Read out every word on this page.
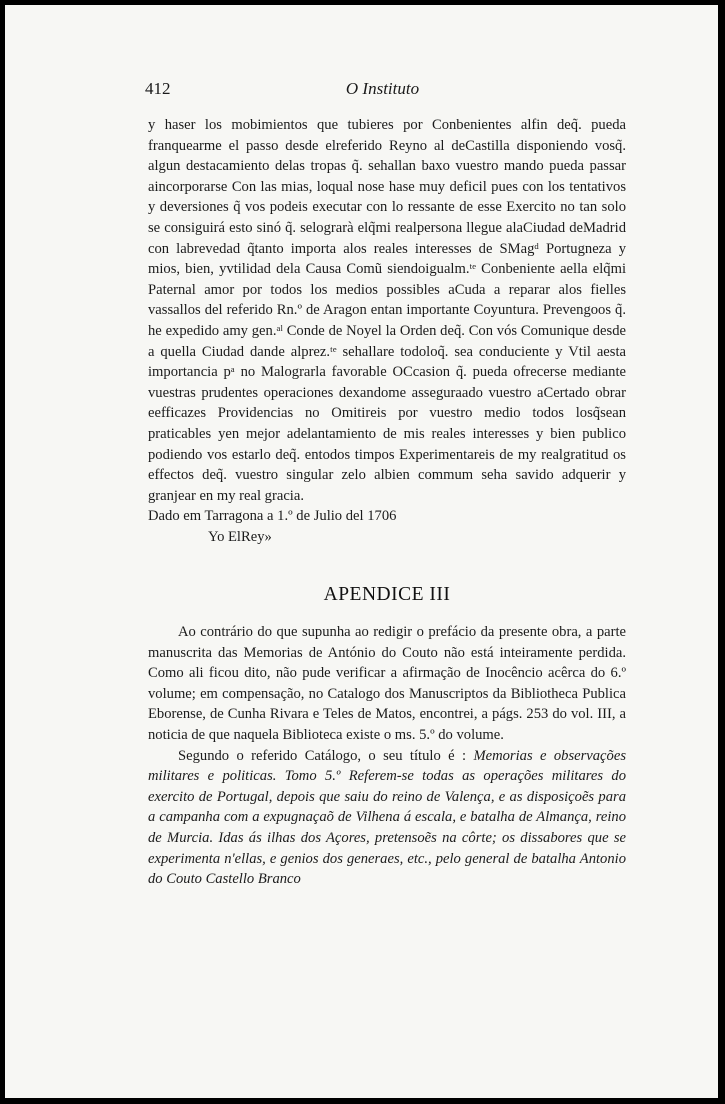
412	O Instituto

y haser los mobimientos que tubieres por Conbenientes alfin deq̃. pueda franquearme el passo desde elreferido Reyno al deCastilla disponiendo vosq̃. algun destacamiento delas tropas q̃. sehallan baxo vuestro mando pueda passar aincorporarse Con las mias, loqual nose hase muy deficil pues con los tentativos y deversiones q̃ vos podeis executar con lo ressante de esse Exercito no tan solo se consiguirá esto sinó q̃. selograrà elq̃mi realpersona llegue alaCiudad deMadrid con labrevedad q̃tanto importa alos reales interesses de SMagᵈ Portugneza y mios, bien, yvtilidad dela Causa Comũ siendoigualm.ᵗᵉ Conbeniente aella elq̃mi Paternal amor por todos los medios possibles aCuda a reparar alos fielles vassallos del referido Rn.º de Aragon entan importante Coyuntura. Prevengoos q̃. he expedido amy gen.ᵃˡ Conde de Noyel la Orden deq̃. Con vós Comunique desde a quella Ciudad dande alprez.ᵗᵉ sehallare todoloq̃. sea conduciente y Vtil aesta importancia pᵃ no Malograrla favorable OCcasion q̃. pueda ofrecerse mediante vuestras prudentes operaciones dexandome asseguraado vuestro aCertado obrar eefficazes Providencias no Omitireis por vuestro medio todos losq̃sean praticables yen mejor adelantamiento de mis reales interesses y bien publico podiendo vos estarlo deq̃. entodos timpos Experimentareis de my realgratitud os effectos deq̃. vuestro singular zelo albien commum seha savido adquerir y granjear en my real gracia.

Dado em Tarragona a 1.º de Julio del 1706

Yo ElRey»

APENDICE III

Ao contrário do que supunha ao redigir o prefácio da presente obra, a parte manuscrita das Memorias de António do Couto não está inteiramente perdida. Como ali ficou dito, não pude verificar a afirmação de Inocêncio acêrca do 6.º volume; em compensação, no Catalogo dos Manuscriptos da Bibliotheca Publica Eborense, de Cunha Rivara e Teles de Matos, encontrei, a págs. 253 do vol. III, a noticia de que naquela Biblioteca existe o ms. 5.º do volume.

Segundo o referido Catálogo, o seu título é : Memorias e observações militares e politicas. Tomo 5.º Referem-se todas as operações militares do exercito de Portugal, depois que saiu do reino de Valença, e as disposiçoẽs para a campanha com a expugnaçaõ de Vilhena á escala, e batalha de Almança, reino de Murcia. Idas ás ilhas dos Açores, pretensoẽs na côrte; os dissabores que se experimenta n'ellas, e genios dos generaes, etc., pelo general de batalha Antonio do Couto Castello Branco
